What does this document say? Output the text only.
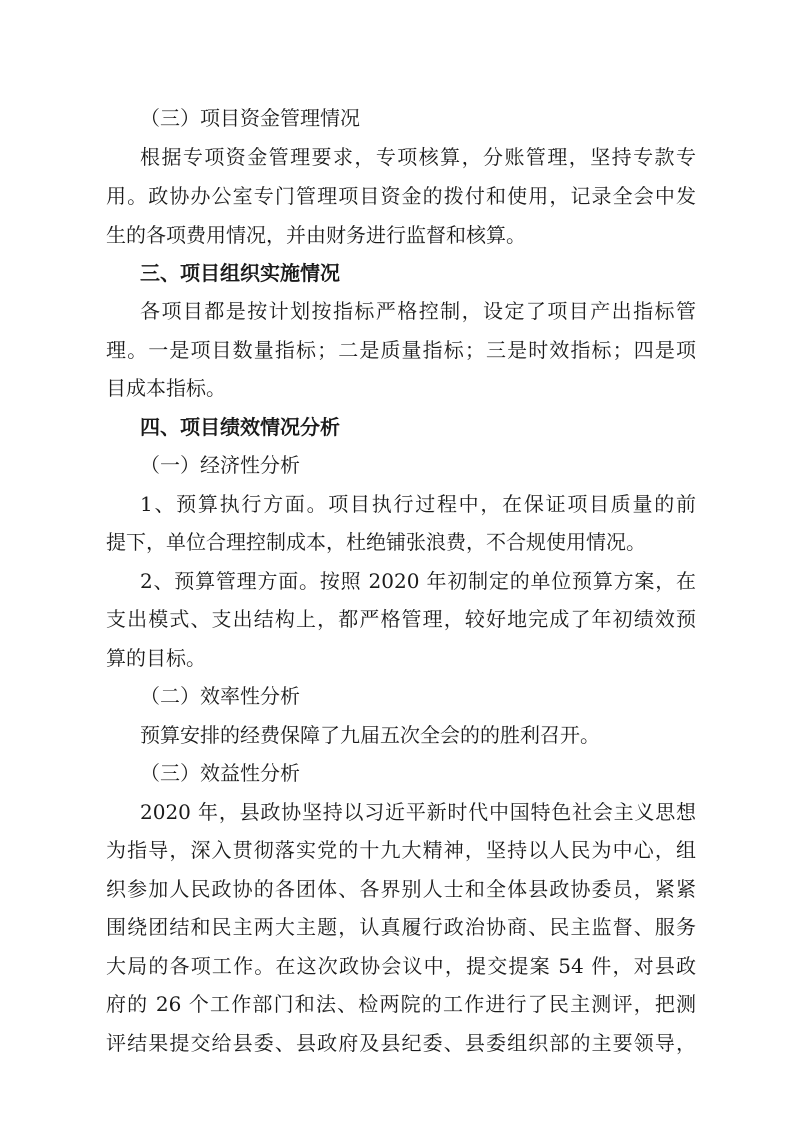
（三）项目资金管理情况
根据专项资金管理要求，专项核算，分账管理，坚持专款专
用。政协办公室专门管理项目资金的拨付和使用，记录全会中发
生的各项费用情况，并由财务进行监督和核算。
三、项目组织实施情况
各项目都是按计划按指标严格控制，设定了项目产出指标管
理。一是项目数量指标；二是质量指标；三是时效指标；四是项
目成本指标。
四、项目绩效情况分析
（一）经济性分析
1、预算执行方面。项目执行过程中，在保证项目质量的前
提下，单位合理控制成本，杜绝铺张浪费，不合规使用情况。
2、预算管理方面。按照 2020 年初制定的单位预算方案，在
支出模式、支出结构上，都严格管理，较好地完成了年初绩效预
算的目标。
（二）效率性分析
预算安排的经费保障了九届五次全会的的胜利召开。
（三）效益性分析
2020 年，县政协坚持以习近平新时代中国特色社会主义思想
为指导，深入贯彻落实党的十九大精神，坚持以人民为中心，组
织参加人民政协的各团体、各界别人士和全体县政协委员，紧紧
围绕团结和民主两大主题，认真履行政治协商、民主监督、服务
大局的各项工作。在这次政协会议中，提交提案 54 件，对县政
府的 26 个工作部门和法、检两院的工作进行了民主测评，把测
评结果提交给县委、县政府及县纪委、县委组织部的主要领导，
